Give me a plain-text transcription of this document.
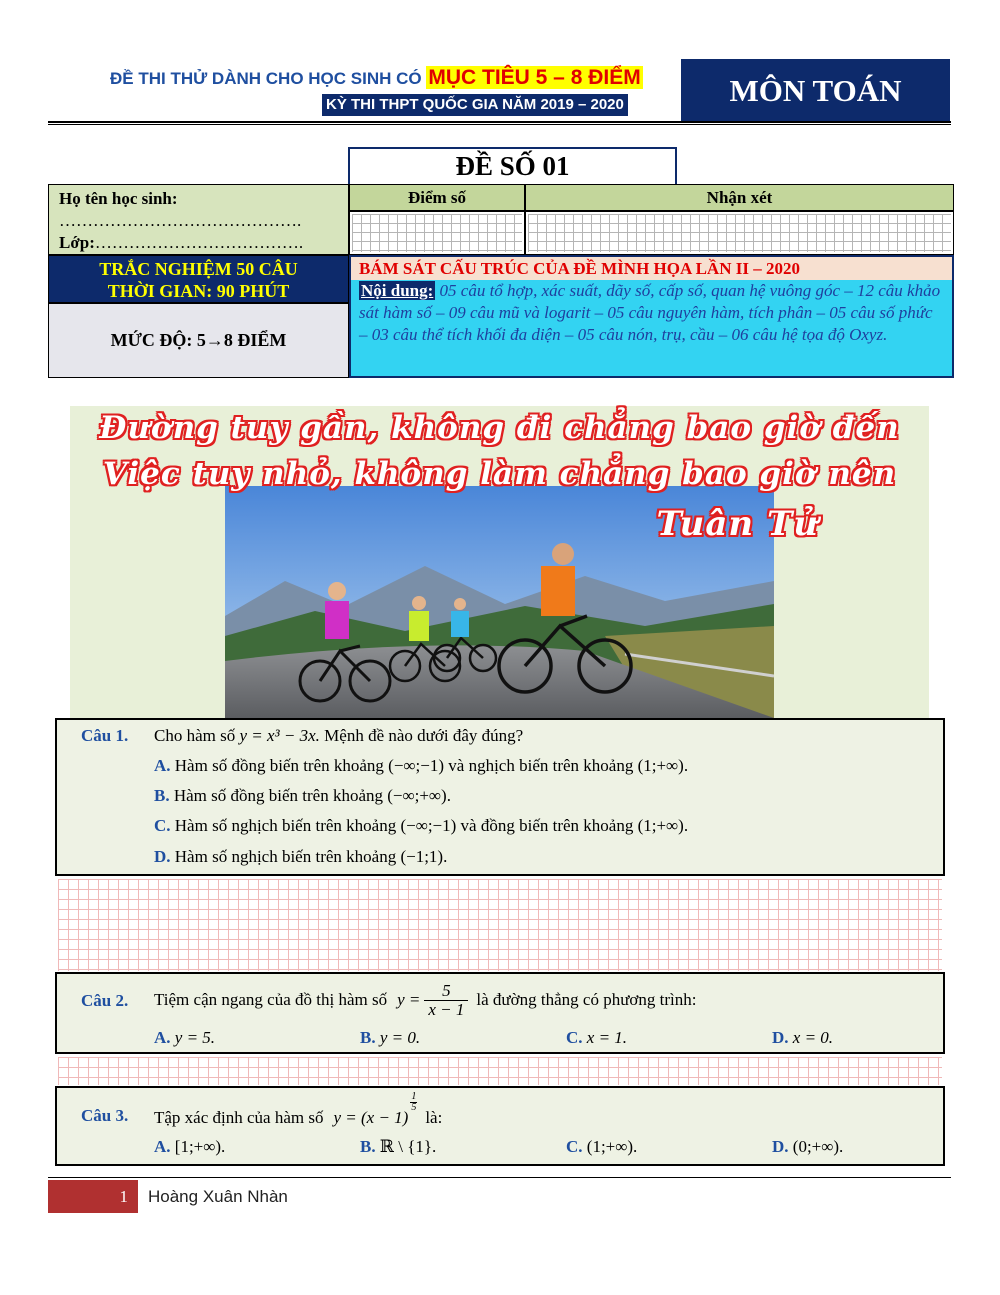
ĐỀ THI THỬ DÀNH CHO HỌC SINH CÓ MỤC TIÊU 5 – 8 ĐIỂM
KỲ THI THPT QUỐC GIA NĂM 2019 – 2020	MÔN TOÁN
ĐỀ SỐ 01
Họ tên học sinh:
…………………………………….
Lớp:……………………………….
Điểm số	Nhận xét
TRẮC NGHIỆM 50 CÂU
THỜI GIAN: 90 PHÚT
MỨC ĐỘ: 5→8 ĐIỂM
BÁM SÁT CẤU TRÚC CỦA ĐỀ MÌNH HỌA LẦN II – 2020
Nội dung: 05 câu tổ hợp, xác suất, dãy số, cấp số, quan hệ vuông góc – 12 câu khảo sát hàm số – 09 câu mũ và logarit – 05 câu nguyên hàm, tích phân – 05 câu số phức – 03 câu thể tích khối đa diện – 05 câu nón, trụ, cầu – 06 câu hệ tọa độ Oxyz.
Đường tuy gần, không đi chẳng bao giờ đến
Việc tuy nhỏ, không làm chẳng bao giờ nên
Tuân Tử
Câu 1. Cho hàm số y = x³ − 3x. Mệnh đề nào dưới đây đúng?
A. Hàm số đồng biến trên khoảng (−∞;−1) và nghịch biến trên khoảng (1;+∞).
B. Hàm số đồng biến trên khoảng (−∞;+∞).
C. Hàm số nghịch biến trên khoảng (−∞;−1) và đồng biến trên khoảng (1;+∞).
D. Hàm số nghịch biến trên khoảng (−1;1).
Câu 2. Tiệm cận ngang của đồ thị hàm số $y = \frac{5}{x - 1}$ là đường thẳng có phương trình:
A. y = 5.	B. y = 0.	C. x = 1.	D. x = 0.
Câu 3. Tập xác định của hàm số y = (x − 1)
$\frac{1}{5}$
là:
A. [1;+∞).	B. ℝ \ {1}.	C. (1;+∞).	D. (0;+∞).
1	Hoàng Xuân Nhàn
